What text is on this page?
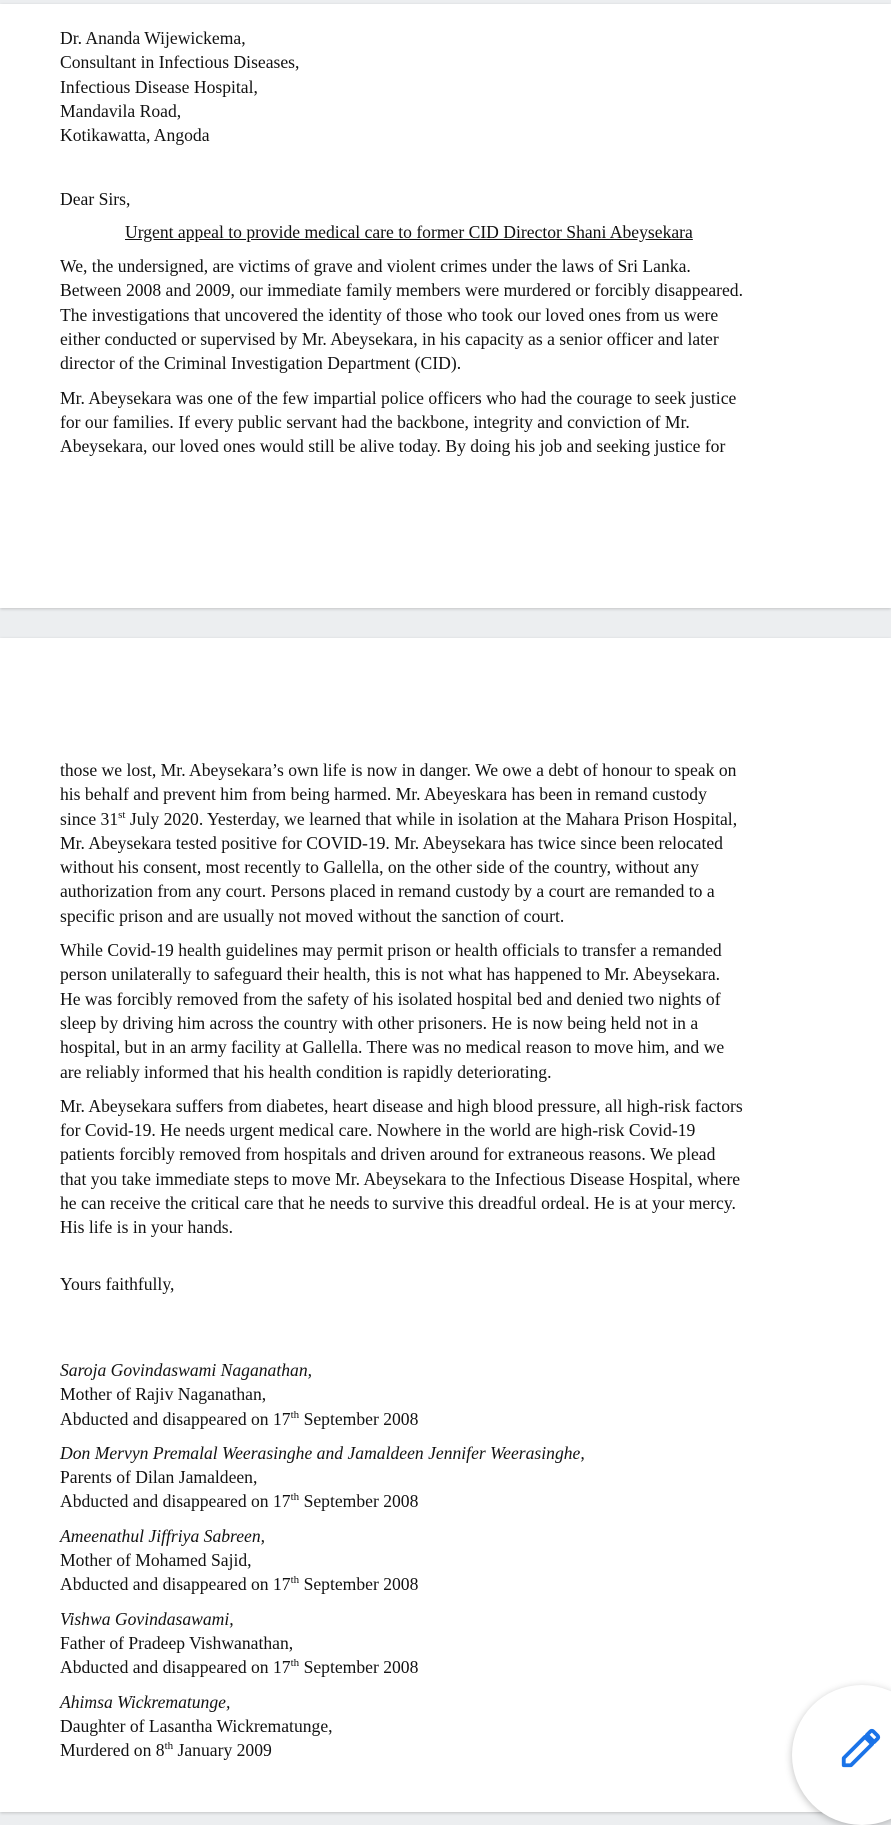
Dr. Ananda Wijewickema,
Consultant in Infectious Diseases,
Infectious Disease Hospital,
Mandavila Road,
Kotikawatta, Angoda
Dear Sirs,
Urgent appeal to provide medical care to former CID Director Shani Abeysekara
We, the undersigned, are victims of grave and violent crimes under the laws of Sri Lanka.
Between 2008 and 2009, our immediate family members were murdered or forcibly disappeared.
The investigations that uncovered the identity of those who took our loved ones from us were
either conducted or supervised by Mr. Abeysekara, in his capacity as a senior officer and later
director of the Criminal Investigation Department (CID).
Mr. Abeysekara was one of the few impartial police officers who had the courage to seek justice
for our families. If every public servant had the backbone, integrity and conviction of Mr.
Abeysekara, our loved ones would still be alive today. By doing his job and seeking justice for
those we lost, Mr. Abeysekara’s own life is now in danger. We owe a debt of honour to speak on
his behalf and prevent him from being harmed. Mr. Abeyeskara has been in remand custody
since 31st July 2020. Yesterday, we learned that while in isolation at the Mahara Prison Hospital,
Mr. Abeysekara tested positive for COVID-19. Mr. Abeysekara has twice since been relocated
without his consent, most recently to Gallella, on the other side of the country, without any
authorization from any court. Persons placed in remand custody by a court are remanded to a
specific prison and are usually not moved without the sanction of court.
While Covid-19 health guidelines may permit prison or health officials to transfer a remanded
person unilaterally to safeguard their health, this is not what has happened to Mr. Abeysekara.
He was forcibly removed from the safety of his isolated hospital bed and denied two nights of
sleep by driving him across the country with other prisoners. He is now being held not in a
hospital, but in an army facility at Gallella. There was no medical reason to move him, and we
are reliably informed that his health condition is rapidly deteriorating.
Mr. Abeysekara suffers from diabetes, heart disease and high blood pressure, all high-risk factors
for Covid-19. He needs urgent medical care. Nowhere in the world are high-risk Covid-19
patients forcibly removed from hospitals and driven around for extraneous reasons. We plead
that you take immediate steps to move Mr. Abeysekara to the Infectious Disease Hospital, where
he can receive the critical care that he needs to survive this dreadful ordeal. He is at your mercy.
His life is in your hands.
Yours faithfully,
Saroja Govindaswami Naganathan,
Mother of Rajiv Naganathan,
Abducted and disappeared on 17th September 2008
Don Mervyn Premalal Weerasinghe and Jamaldeen Jennifer Weerasinghe,
Parents of Dilan Jamaldeen,
Abducted and disappeared on 17th September 2008
Ameenathul Jiffriya Sabreen,
Mother of Mohamed Sajid,
Abducted and disappeared on 17th September 2008
Vishwa Govindasawami,
Father of Pradeep Vishwanathan,
Abducted and disappeared on 17th September 2008
Ahimsa Wickrematunge,
Daughter of Lasantha Wickrematunge,
Murdered on 8th January 2009
